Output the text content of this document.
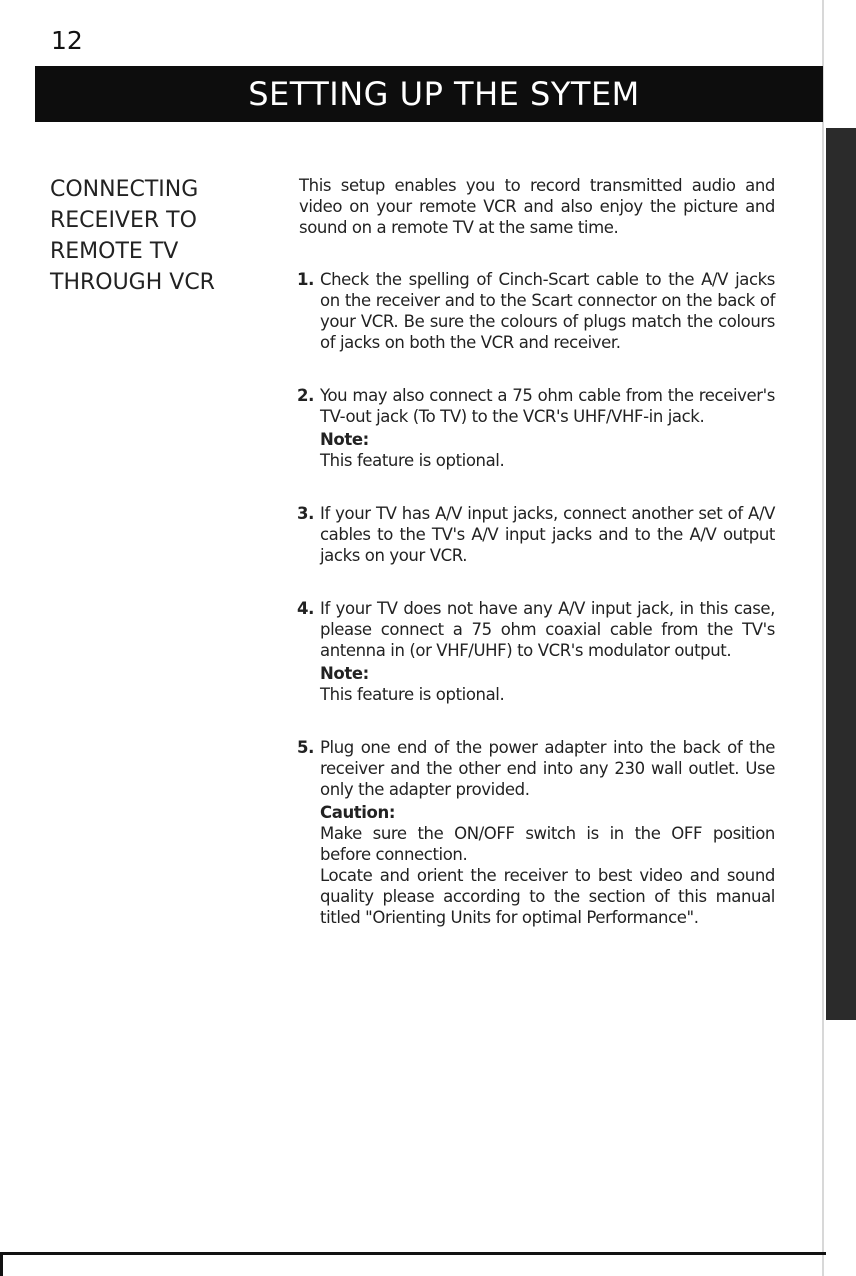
12
SETTING UP THE SYTEM
CONNECTING
RECEIVER TO
REMOTE TV
THROUGH VCR

This setup enables you to record transmitted audio and video on your remote VCR and also enjoy the picture and sound on a remote TV at the same time.

1. Check the spelling of Cinch-Scart cable to the A/V jacks on the receiver and to the Scart connector on the back of your VCR. Be sure the colours of plugs match the colours of jacks on both the VCR and receiver.
2. You may also connect a 75 ohm cable from the receiver's TV-out jack (To TV) to the VCR's UHF/VHF-in jack.
Note:
This feature is optional.
3. If your TV has A/V input jacks, connect another set of A/V cables to the TV's A/V input jacks and to the A/V output jacks on your VCR.
4. If your TV does not have any A/V input jack, in this case, please connect a 75 ohm coaxial cable from the TV's antenna in (or VHF/UHF) to VCR's modulator output.
Note:
This feature is optional.
5. Plug one end of the power adapter into the back of the receiver and the other end into any 230 wall outlet. Use only the adapter provided.
Caution:
Make sure the ON/OFF switch is in the OFF position before connection.
Locate and orient the receiver to best video and sound quality please according to the section of this manual titled "Orienting Units for optimal Performance".
